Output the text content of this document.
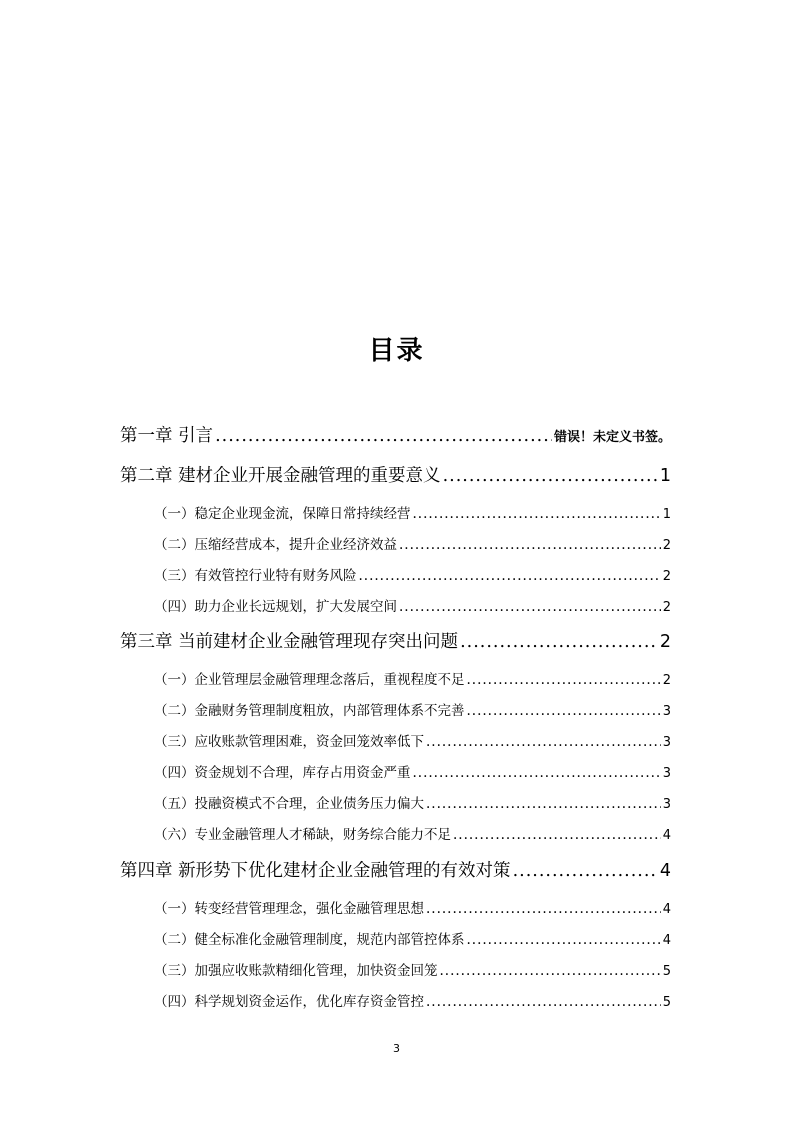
目录
第一章 引言 .....	错误！未定义书签。
第二章 建材企业开展金融管理的重要意义 .....	1
（一）稳定企业现金流，保障日常持续经营 .....	1
（二）压缩经营成本，提升企业经济效益 .....	2
（三）有效管控行业特有财务风险 .....	2
（四）助力企业长远规划，扩大发展空间 .....	2
第三章 当前建材企业金融管理现存突出问题 .....	2
（一）企业管理层金融管理理念落后，重视程度不足 .....	2
（二）金融财务管理制度粗放，内部管理体系不完善 .....	3
（三）应收账款管理困难，资金回笼效率低下 .....	3
（四）资金规划不合理，库存占用资金严重 .....	3
（五）投融资模式不合理，企业债务压力偏大 .....	3
（六）专业金融管理人才稀缺，财务综合能力不足 .....	4
第四章 新形势下优化建材企业金融管理的有效对策 .....	4
（一）转变经营管理理念，强化金融管理思想 .....	4
（二）健全标准化金融管理制度，规范内部管控体系 .....	4
（三）加强应收账款精细化管理，加快资金回笼 .....	5
（四）科学规划资金运作，优化库存资金管控 .....	5
3
